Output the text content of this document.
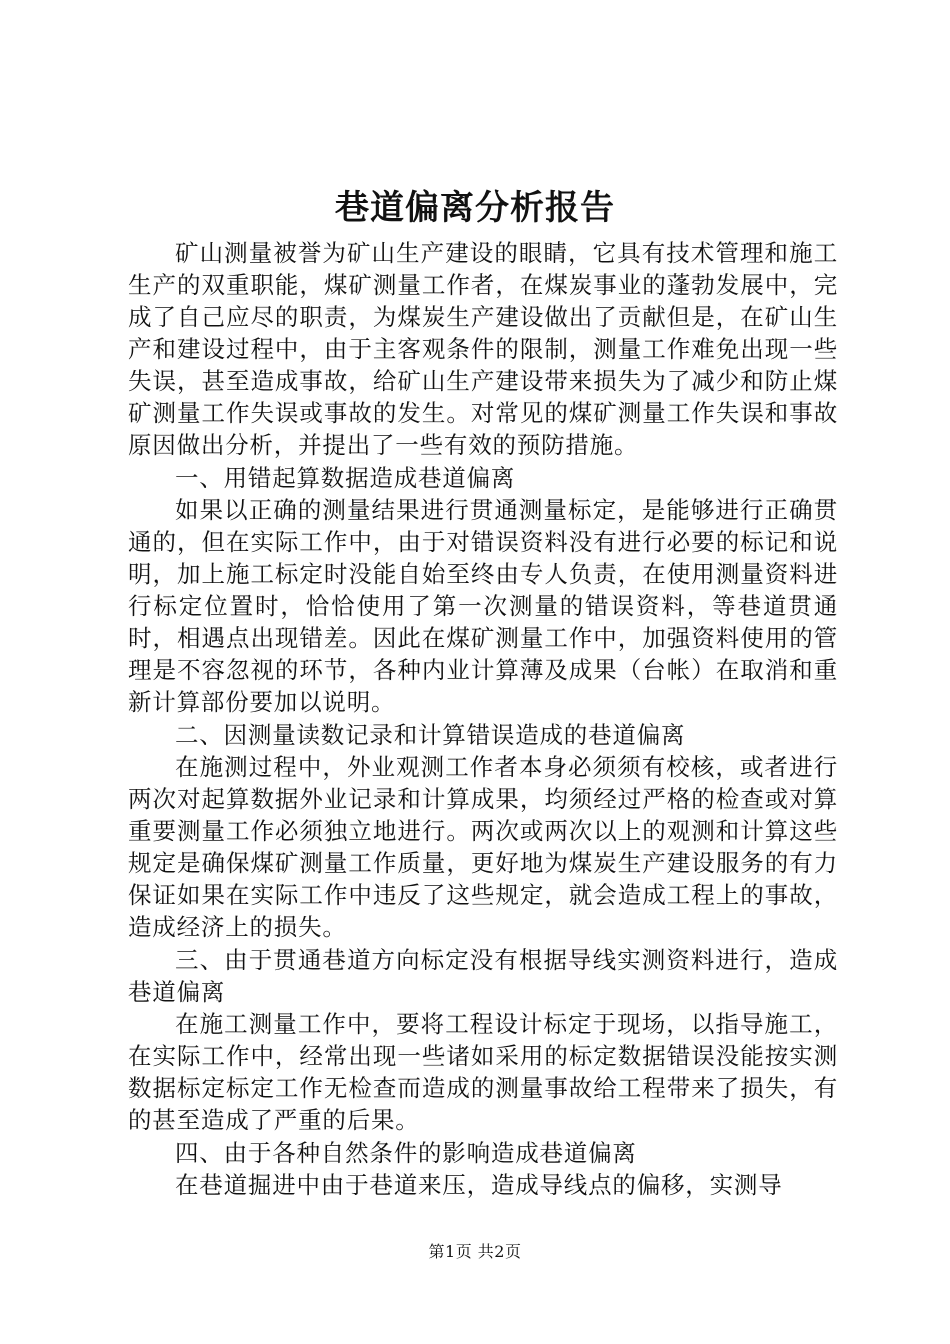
巷道偏离分析报告

矿山测量被誉为矿山生产建设的眼睛，它具有技术管理和施工生产的双重职能，煤矿测量工作者，在煤炭事业的蓬勃发展中，完成了自己应尽的职责，为煤炭生产建设做出了贡献但是，在矿山生产和建设过程中，由于主客观条件的限制，测量工作难免出现一些失误，甚至造成事故，给矿山生产建设带来损失为了减少和防止煤矿测量工作失误或事故的发生。对常见的煤矿测量工作失误和事故原因做出分析，并提出了一些有效的预防措施。

一、用错起算数据造成巷道偏离

如果以正确的测量结果进行贯通测量标定，是能够进行正确贯通的，但在实际工作中，由于对错误资料没有进行必要的标记和说明，加上施工标定时没能自始至终由专人负责，在使用测量资料进行标定位置时，恰恰使用了第一次测量的错误资料，等巷道贯通时，相遇点出现错差。因此在煤矿测量工作中，加强资料使用的管理是不容忽视的环节，各种内业计算薄及成果（台帐）在取消和重新计算部份要加以说明。

二、因测量读数记录和计算错误造成的巷道偏离

在施测过程中，外业观测工作者本身必须须有校核，或者进行两次对起算数据外业记录和计算成果，均须经过严格的检查或对算重要测量工作必须独立地进行。两次或两次以上的观测和计算这些规定是确保煤矿测量工作质量，更好地为煤炭生产建设服务的有力保证如果在实际工作中违反了这些规定，就会造成工程上的事故，造成经济上的损失。

三、由于贯通巷道方向标定没有根据导线实测资料进行，造成巷道偏离

在施工测量工作中，要将工程设计标定于现场，以指导施工，在实际工作中，经常出现一些诸如采用的标定数据错误没能按实测数据标定标定工作无检查而造成的测量事故给工程带来了损失，有的甚至造成了严重的后果。

四、由于各种自然条件的影响造成巷道偏离

在巷道掘进中由于巷道来压，造成导线点的偏移，实测导

第1页 共2页
